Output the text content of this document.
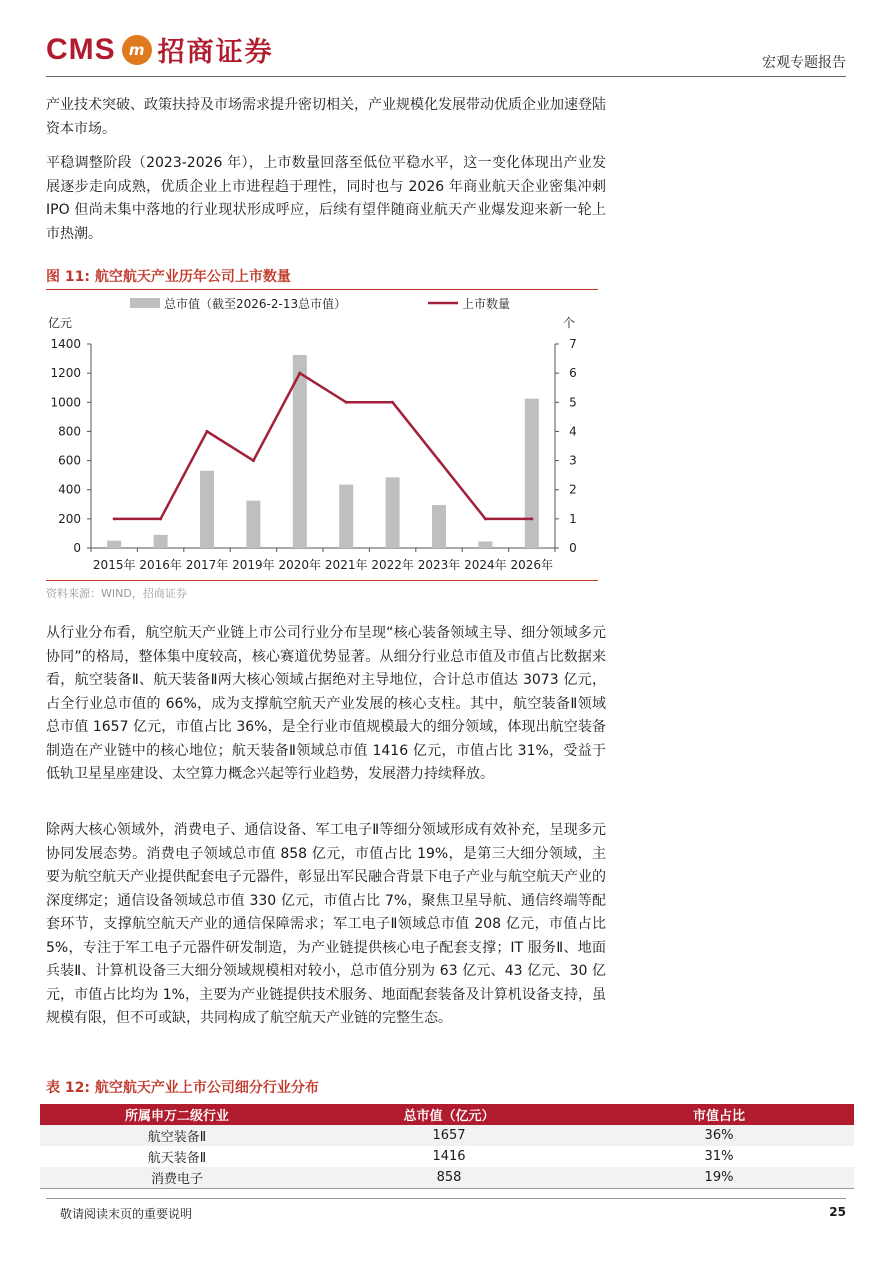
CMS m 招商证券	宏观专题报告
产业技术突破、政策扶持及市场需求提升密切相关，产业规模化发展带动优质企业加速登陆资本市场。
平稳调整阶段（2023-2026 年），上市数量回落至低位平稳水平，这一变化体现出产业发展逐步走向成熟，优质企业上市进程趋于理性，同时也与 2026 年商业航天企业密集冲刺 IPO 但尚未集中落地的行业现状形成呼应，后续有望伴随商业航天产业爆发迎来新一轮上市热潮。
图 11: 航空航天产业历年公司上市数量
0
200
400
600
800
1000
1200
1400
0
1
2
3
4
5
6
7
亿元	个
2015年 2016年 2017年 2019年 2020年 2021年 2022年 2023年 2024年 2026年
总市值（截至2026-2-13总市值）	上市数量
资料来源：WIND，招商证券
从行业分布看，航空航天产业链上市公司行业分布呈现“核心装备领域主导、细分领域多元协同”的格局，整体集中度较高，核心赛道优势显著。从细分行业总市值及市值占比数据来看，航空装备Ⅱ、航天装备Ⅱ两大核心领域占据绝对主导地位，合计总市值达 3073 亿元，占全行业总市值的 66%，成为支撑航空航天产业发展的核心支柱。其中，航空装备Ⅱ领域总市值 1657 亿元，市值占比 36%，是全行业市值规模最大的细分领域，体现出航空装备制造在产业链中的核心地位；航天装备Ⅱ领域总市值 1416 亿元，市值占比 31%，受益于低轨卫星星座建设、太空算力概念兴起等行业趋势，发展潜力持续释放。
除两大核心领域外，消费电子、通信设备、军工电子Ⅱ等细分领域形成有效补充，呈现多元协同发展态势。消费电子领域总市值 858 亿元，市值占比 19%，是第三大细分领域，主要为航空航天产业提供配套电子元器件，彰显出军民融合背景下电子产业与航空航天产业的深度绑定；通信设备领域总市值 330 亿元，市值占比 7%，聚焦卫星导航、通信终端等配套环节，支撑航空航天产业的通信保障需求；军工电子Ⅱ领域总市值 208 亿元，市值占比 5%，专注于军工电子元器件研发制造，为产业链提供核心电子配套支撑；IT 服务Ⅱ、地面兵装Ⅱ、计算机设备三大细分领域规模相对较小，总市值分别为 63 亿元、43 亿元、30 亿元，市值占比均为 1%，主要为产业链提供技术服务、地面配套装备及计算机设备支持，虽规模有限，但不可或缺，共同构成了航空航天产业链的完整生态。
表 12: 航空航天产业上市公司细分行业分布
所属申万二级行业	总市值（亿元）	市值占比
航空装备Ⅱ	1657	36%
航天装备Ⅱ	1416	31%
消费电子	858	19%
敬请阅读末页的重要说明	25
